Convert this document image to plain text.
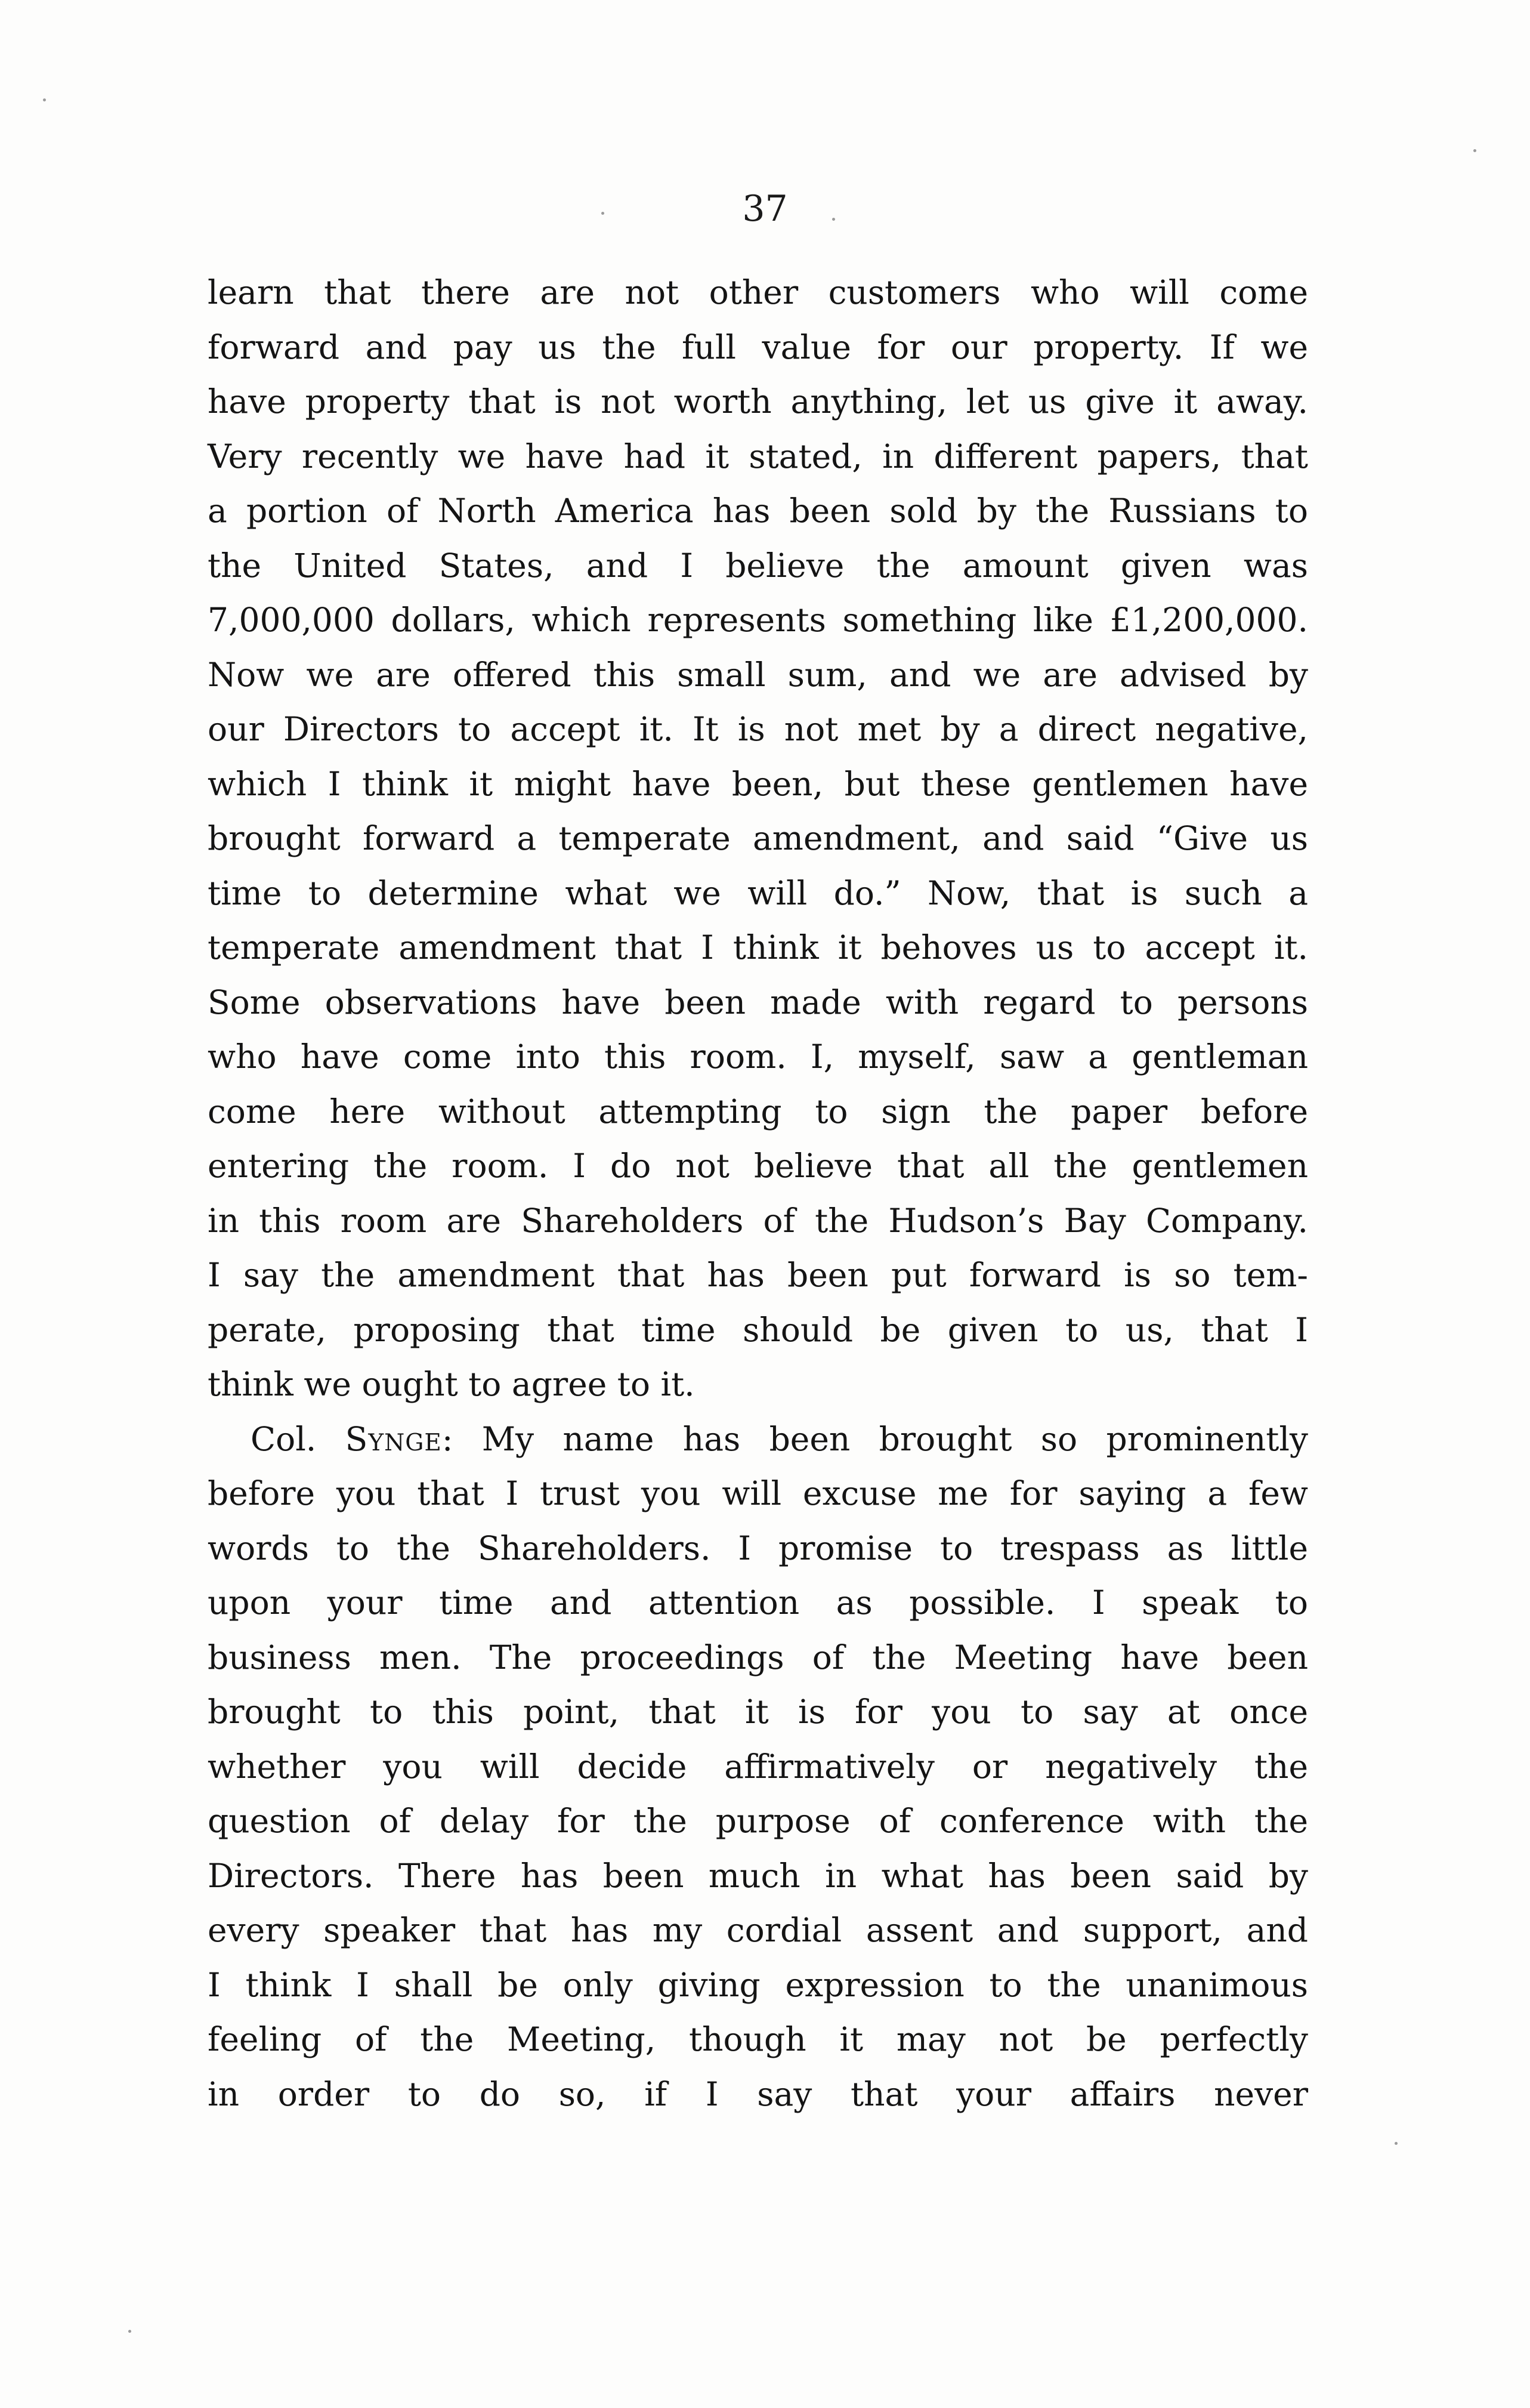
37

learn that there are not other customers who will come
forward and pay us the full value for our property. If we
have property that is not worth anything, let us give it away.
Very recently we have had it stated, in different papers, that
a portion of North America has been sold by the Russians to
the United States, and I believe the amount given was
7,000,000 dollars, which represents something like £1,200,000.
Now we are offered this small sum, and we are advised by
our Directors to accept it. It is not met by a direct negative,
which I think it might have been, but these gentlemen have
brought forward a temperate amendment, and said “Give us
time to determine what we will do.” Now, that is such a
temperate amendment that I think it behoves us to accept it.
Some observations have been made with regard to persons
who have come into this room. I, myself, saw a gentleman
come here without attempting to sign the paper before
entering the room. I do not believe that all the gentlemen
in this room are Shareholders of the Hudson’s Bay Company.
I say the amendment that has been put forward is so tem-
perate, proposing that time should be given to us, that I
think we ought to agree to it.
Col. Synge: My name has been brought so prominently
before you that I trust you will excuse me for saying a few
words to the Shareholders. I promise to trespass as little
upon your time and attention as possible. I speak to
business men. The proceedings of the Meeting have been
brought to this point, that it is for you to say at once
whether you will decide affirmatively or negatively the
question of delay for the purpose of conference with the
Directors. There has been much in what has been said by
every speaker that has my cordial assent and support, and
I think I shall be only giving expression to the unanimous
feeling of the Meeting, though it may not be perfectly
in order to do so, if I say that your affairs never
